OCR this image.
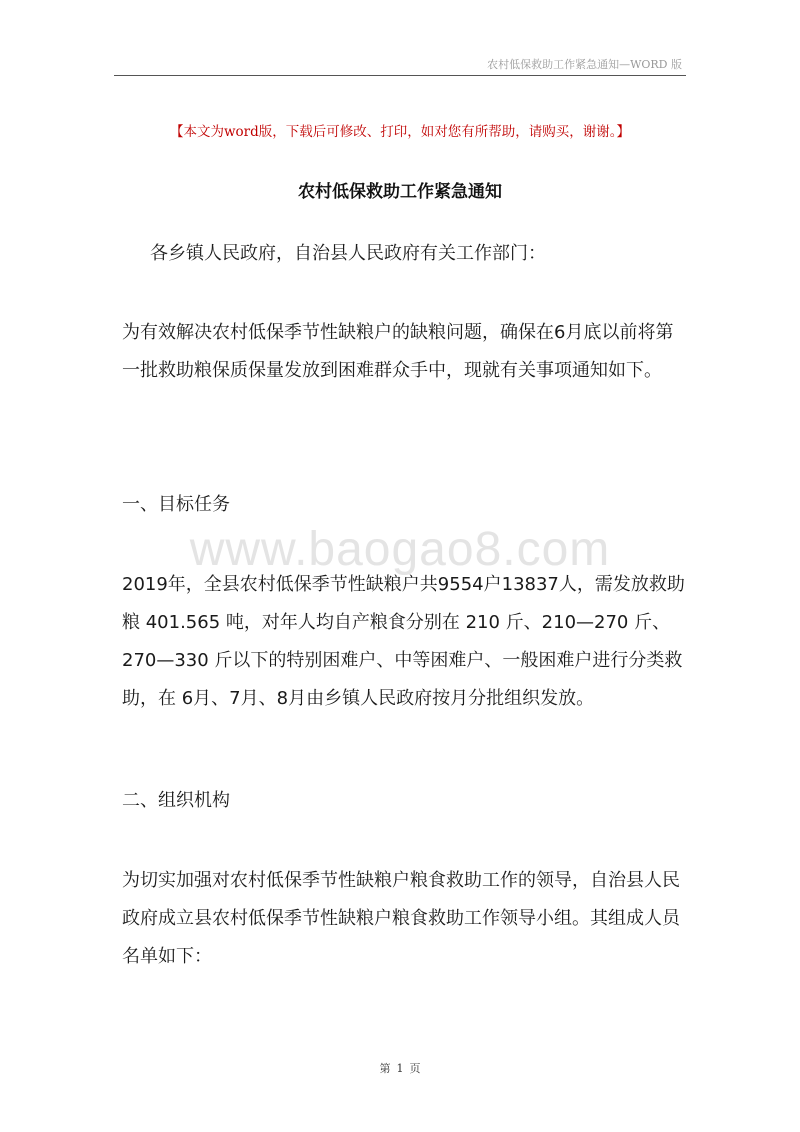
农村低保救助工作紧急通知—WORD 版
【本文为word版，下载后可修改、打印，如对您有所帮助，请购买，谢谢。】
农村低保救助工作紧急通知
各乡镇人民政府，自治县人民政府有关工作部门：
为有效解决农村低保季节性缺粮户的缺粮问题，确保在6月底以前将第一批救助粮保质保量发放到困难群众手中，现就有关事项通知如下。
一、目标任务
www.baogao8.com
2019年，全县农村低保季节性缺粮户共9554户13837人，需发放救助粮 401.565 吨，对年人均自产粮食分别在 210 斤、210—270 斤、270—330 斤以下的特别困难户、中等困难户、一般困难户进行分类救助，在 6月、7月、8月由乡镇人民政府按月分批组织发放。
二、组织机构
为切实加强对农村低保季节性缺粮户粮食救助工作的领导，自治县人民政府成立县农村低保季节性缺粮户粮食救助工作领导小组。其组成人员名单如下：
第 1 页
